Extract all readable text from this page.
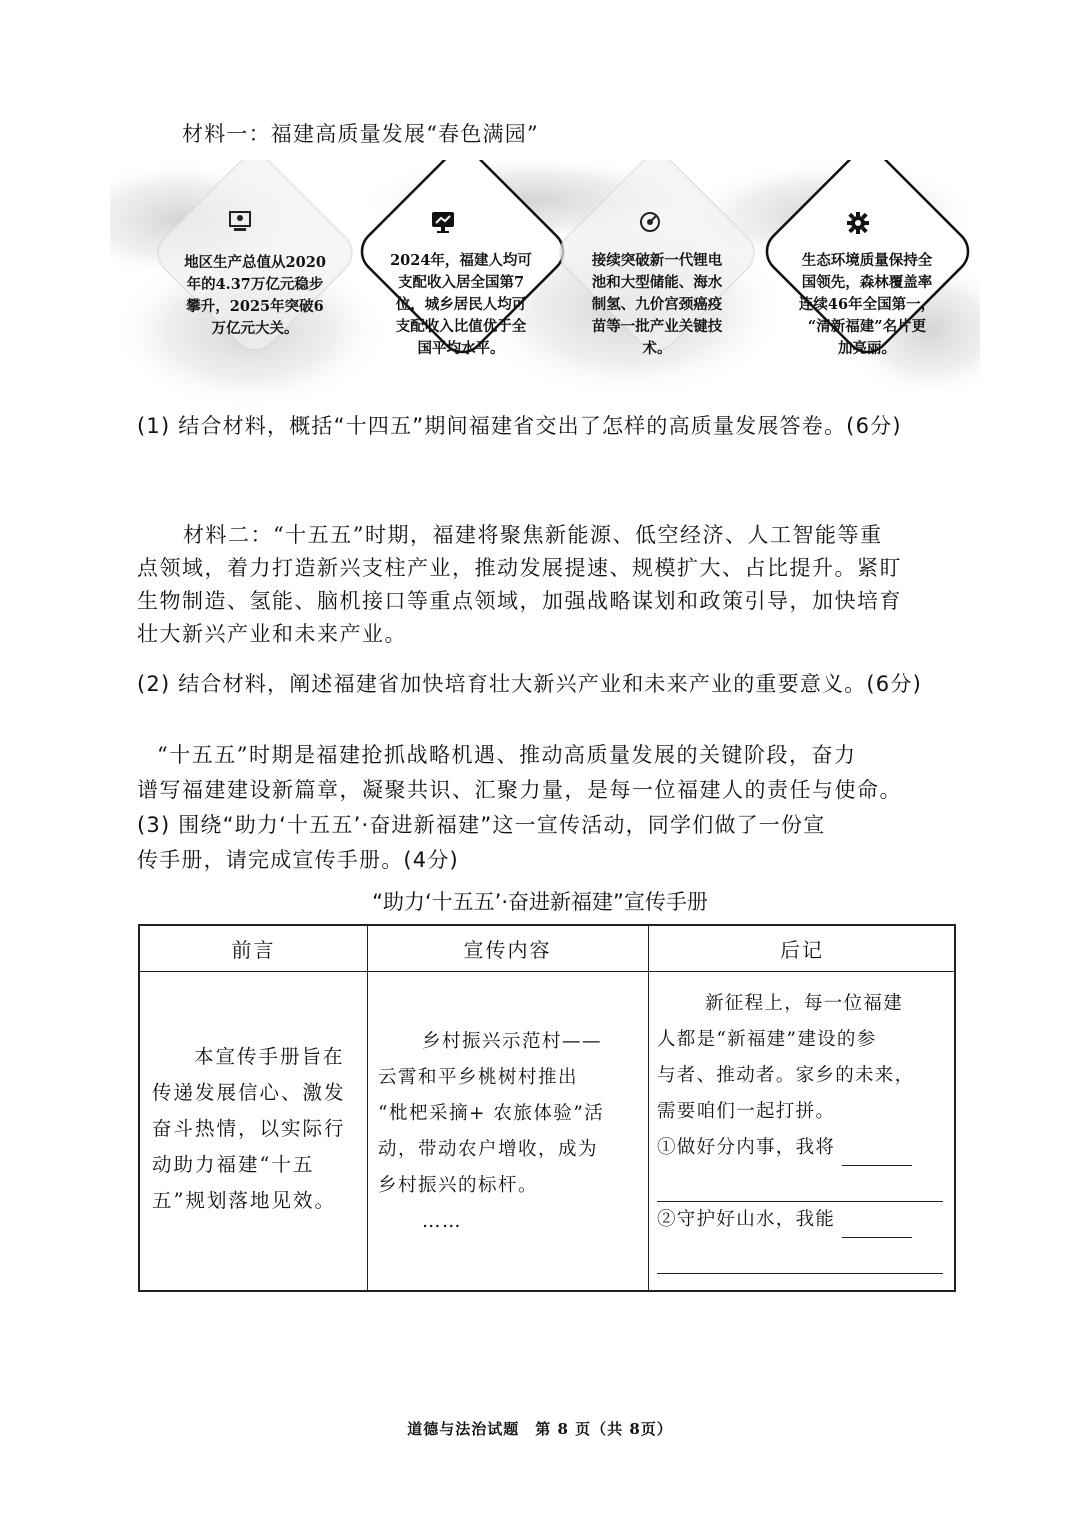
材料一：福建高质量发展“春色满园”
地区生产总值从2020
年的4.37万亿元稳步
攀升，2025年突破6
万亿元大关。
2024年，福建人均可
支配收入居全国第7
位，城乡居民人均可
支配收入比值优于全
国平均水平。
接续突破新一代锂电
池和大型储能、海水
制氢、九价宫颈癌疫
苗等一批产业关键技
术。
生态环境质量保持全
国领先，森林覆盖率
连续46年全国第一，
“清新福建”名片更
加亮丽。
(1) 结合材料，概括“十四五”期间福建省交出了怎样的高质量发展答卷。(6分)
材料二：“十五五”时期，福建将聚焦新能源、低空经济、人工智能等重
点领域，着力打造新兴支柱产业，推动发展提速、规模扩大、占比提升。紧盯
生物制造、氢能、脑机接口等重点领域，加强战略谋划和政策引导，加快培育
壮大新兴产业和未来产业。
(2) 结合材料，阐述福建省加快培育壮大新兴产业和未来产业的重要意义。(6分)
“十五五”时期是福建抢抓战略机遇、推动高质量发展的关键阶段，奋力
谱写福建建设新篇章，凝聚共识、汇聚力量，是每一位福建人的责任与使命。
(3) 围绕“助力‘十五五’·奋进新福建”这一宣传活动，同学们做了一份宣
传手册，请完成宣传手册。(4分)
“助力‘十五五’·奋进新福建”宣传手册
前言	宣传内容	后记
本宣传手册旨在
传递发展信心、激发
奋斗热情，以实际行
动助力福建“十五
五”规划落地见效。
乡村振兴示范村——
云霄和平乡桃树村推出
“枇杷采摘+ 农旅体验”活
动，带动农户增收，成为
乡村振兴的标杆。
……
新征程上，每一位福建
人都是“新福建”建设的参
与者、推动者。家乡的未来，
需要咱们一起打拼。
①做好分内事，我将
②守护好山水，我能
道德与法治试题　第 8 页（共 8页）
